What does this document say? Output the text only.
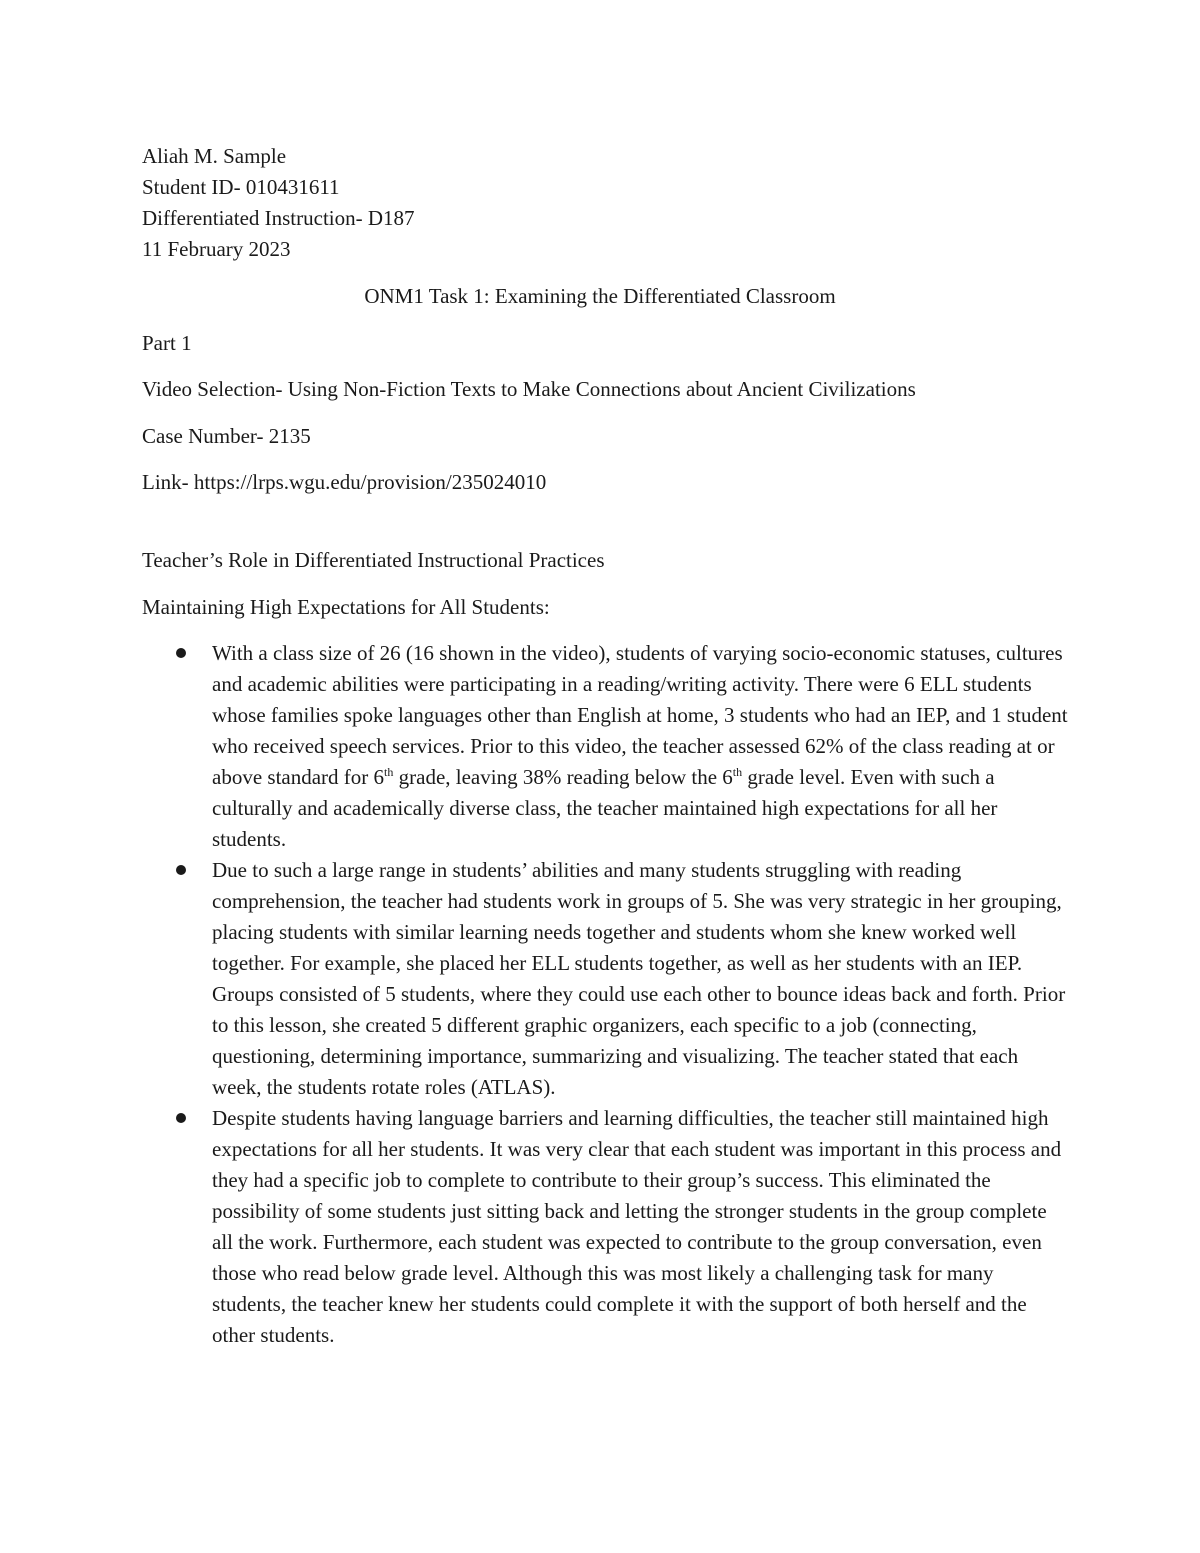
Aliah M. Sample
Student ID- 010431611
Differentiated Instruction- D187
11 February 2023
ONM1 Task 1: Examining the Differentiated Classroom
Part 1
Video Selection- Using Non-Fiction Texts to Make Connections about Ancient Civilizations
Case Number- 2135
Link- https://lrps.wgu.edu/provision/235024010
Teacher’s Role in Differentiated Instructional Practices
Maintaining High Expectations for All Students:
With a class size of 26 (16 shown in the video), students of varying socio-economic statuses, cultures and academic abilities were participating in a reading/writing activity. There were 6 ELL students whose families spoke languages other than English at home, 3 students who had an IEP, and 1 student who received speech services. Prior to this video, the teacher assessed 62% of the class reading at or above standard for 6th grade, leaving 38% reading below the 6th grade level. Even with such a culturally and academically diverse class, the teacher maintained high expectations for all her students.
Due to such a large range in students’ abilities and many students struggling with reading comprehension, the teacher had students work in groups of 5. She was very strategic in her grouping, placing students with similar learning needs together and students whom she knew worked well together. For example, she placed her ELL students together, as well as her students with an IEP. Groups consisted of 5 students, where they could use each other to bounce ideas back and forth. Prior to this lesson, she created 5 different graphic organizers, each specific to a job (connecting, questioning, determining importance, summarizing and visualizing. The teacher stated that each week, the students rotate roles (ATLAS).
Despite students having language barriers and learning difficulties, the teacher still maintained high expectations for all her students. It was very clear that each student was important in this process and they had a specific job to complete to contribute to their group’s success. This eliminated the possibility of some students just sitting back and letting the stronger students in the group complete all the work. Furthermore, each student was expected to contribute to the group conversation, even those who read below grade level. Although this was most likely a challenging task for many students, the teacher knew her students could complete it with the support of both herself and the other students.
